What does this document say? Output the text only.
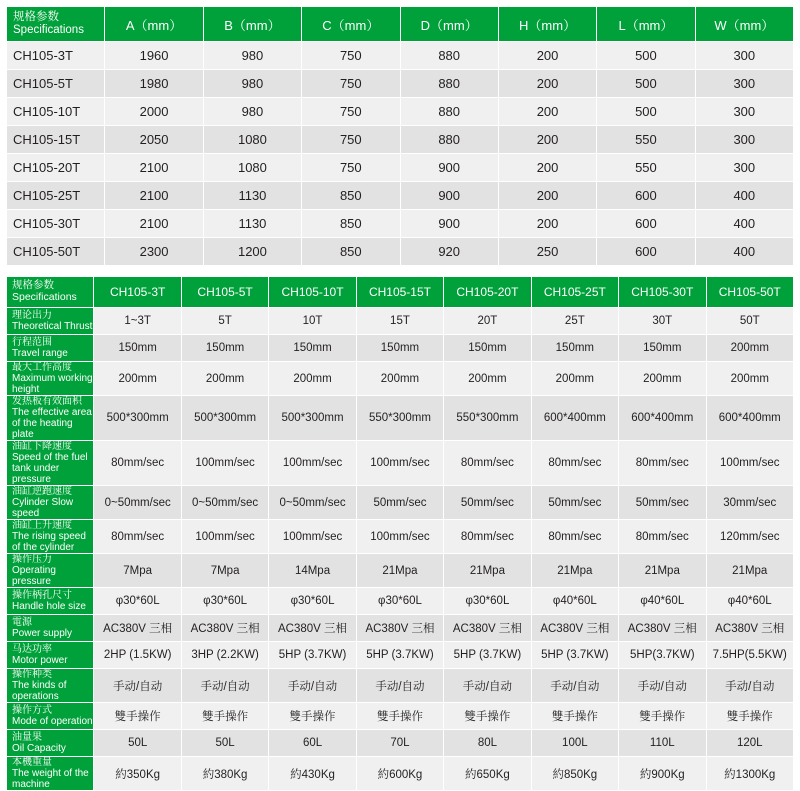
规格参数
Specifications	A（mm）	B（mm）	C（mm）	D（mm）	H（mm）	L（mm）	W（mm）
CH105-3T	1960	980	750	880	200	500	300
CH105-5T	1980	980	750	880	200	500	300
CH105-10T	2000	980	750	880	200	500	300
CH105-15T	2050	1080	750	880	200	550	300
CH105-20T	2100	1080	750	900	200	550	300
CH105-25T	2100	1130	850	900	200	600	400
CH105-30T	2100	1130	850	900	200	600	400
CH105-50T	2300	1200	850	920	250	600	400
规格参数
Specifications	CH105-3T	CH105-5T	CH105-10T	CH105-15T	CH105-20T	CH105-25T	CH105-30T	CH105-50T

理论出力
Theoretical Thrust	1~3T	5T	10T	15T	20T	25T	30T	50T

行程范围
Travel range	150mm	150mm	150mm	150mm	150mm	150mm	150mm	200mm

最大工作高度
Maximum working height	200mm	200mm	200mm	200mm	200mm	200mm	200mm	200mm

发热板有效面积
The effective area of the heating plate	500*300mm	500*300mm	500*300mm	550*300mm	550*300mm	600*400mm	600*400mm	600*400mm

油缸下降速度
Speed of the fuel tank under pressure	80mm/sec	100mm/sec	100mm/sec	100mm/sec	80mm/sec	80mm/sec	80mm/sec	100mm/sec

油缸逆跑速度
Cylinder Slow speed	0~50mm/sec	0~50mm/sec	0~50mm/sec	50mm/sec	50mm/sec	50mm/sec	50mm/sec	30mm/sec

油缸上升速度
The rising speed of the cylinder	80mm/sec	100mm/sec	100mm/sec	100mm/sec	80mm/sec	80mm/sec	80mm/sec	120mm/sec

操作压力
Operating pressure	7Mpa	7Mpa	14Mpa	21Mpa	21Mpa	21Mpa	21Mpa	21Mpa

操作柄孔尺寸
Handle hole size	φ30*60L	φ30*60L	φ30*60L	φ30*60L	φ30*60L	φ40*60L	φ40*60L	φ40*60L

電源
Power supply	AC380V 三相	AC380V 三相	AC380V 三相	AC380V 三相	AC380V 三相	AC380V 三相	AC380V 三相	AC380V 三相

马达功率
Motor power	2HP (1.5KW)	3HP (2.2KW)	5HP (3.7KW)	5HP (3.7KW)	5HP (3.7KW)	5HP (3.7KW)	5HP(3.7KW)	7.5HP(5.5KW)

操作种类
The kinds of operations	手动/自动	手动/自动	手动/自动	手动/自动	手动/自动	手动/自动	手动/自动	手动/自动

操作方式
Mode of operation	雙手操作	雙手操作	雙手操作	雙手操作	雙手操作	雙手操作	雙手操作	雙手操作

油量果
Oil Capacity	50L	50L	60L	70L	80L	100L	110L	120L

本機重量
The weight of the machine	約350Kg	約380Kg	約430Kg	約600Kg	約650Kg	約850Kg	約900Kg	約1300Kg
